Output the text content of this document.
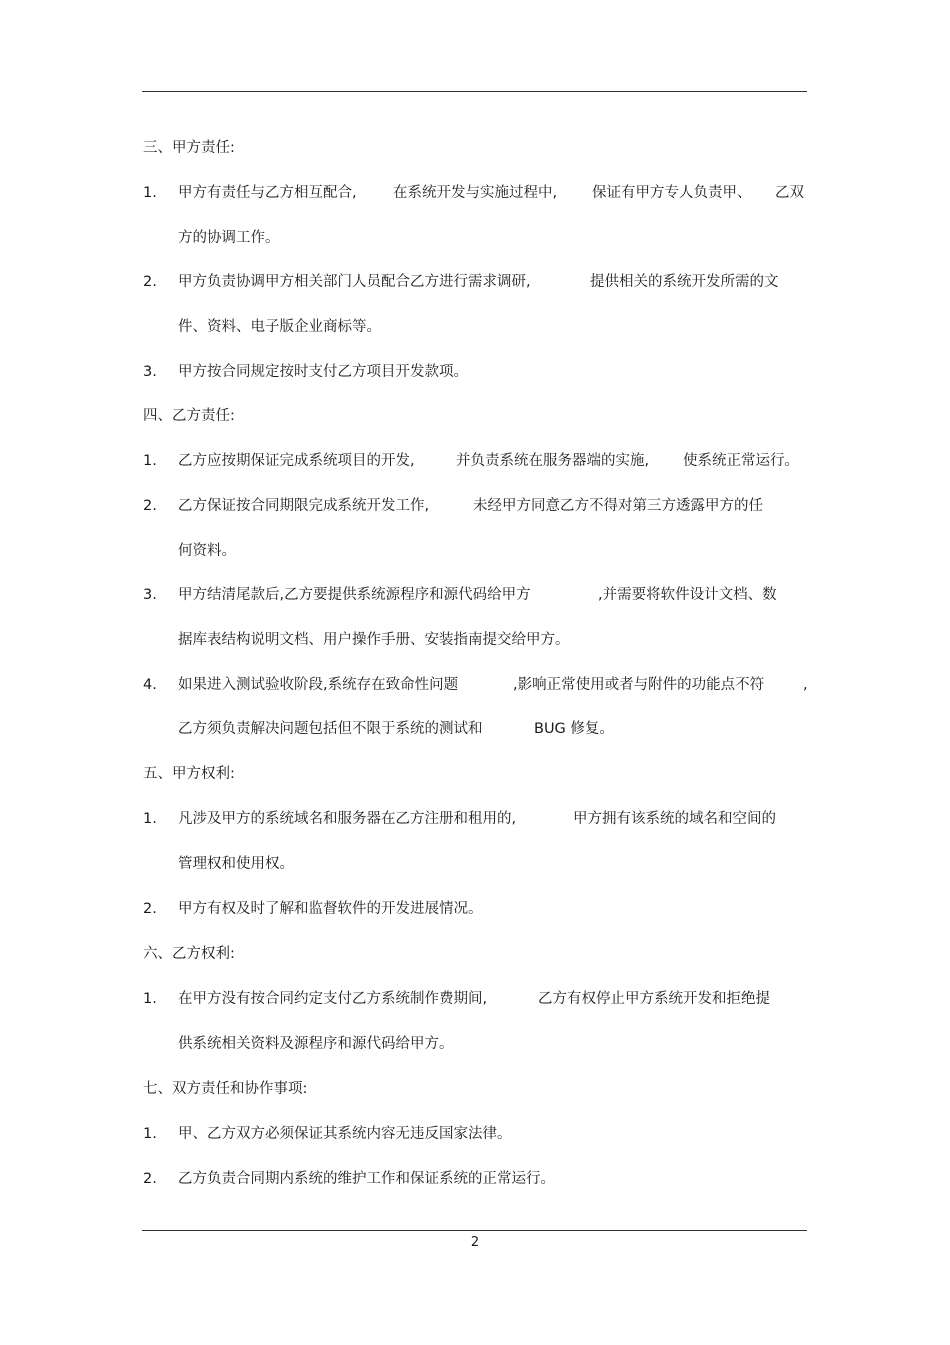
三、甲方责任:
1. 甲方有责任与乙方相互配合,	在系统开发与实施过程中, 保证有甲方专人负责甲、 乙双
方的协调工作。
2. 甲方负责协调甲方相关部门人员配合乙方进行需求调研,	提供相关的系统开发所需的文
件、资料、电子版企业商标等。
3. 甲方按合同规定按时支付乙方项目开发款项。
四、乙方责任:
1. 乙方应按期保证完成系统项目的开发,	并负责系统在服务器端的实施, 使系统正常运行。
2. 乙方保证按合同期限完成系统开发工作,	未经甲方同意乙方不得对第三方透露甲方的任
何资料。
3. 甲方结清尾款后,乙方要提供系统源程序和源代码给甲方	,并需要将软件设计文档、数
据库表结构说明文档、用户操作手册、安装指南提交给甲方。
4. 如果进入测试验收阶段,系统存在致命性问题	,影响正常使用或者与附件的功能点不符	,
乙方须负责解决问题包括但不限于系统的测试和	BUG 修复。
五、甲方权利:
1. 凡涉及甲方的系统域名和服务器在乙方注册和租用的,	甲方拥有该系统的域名和空间的
管理权和使用权。
2. 甲方有权及时了解和监督软件的开发进展情况。
六、乙方权利:
1. 在甲方没有按合同约定支付乙方系统制作费期间,	乙方有权停止甲方系统开发和拒绝提
供系统相关资料及源程序和源代码给甲方。
七、双方责任和协作事项:
1. 甲、乙方双方必须保证其系统内容无违反国家法律。
2. 乙方负责合同期内系统的维护工作和保证系统的正常运行。
2
